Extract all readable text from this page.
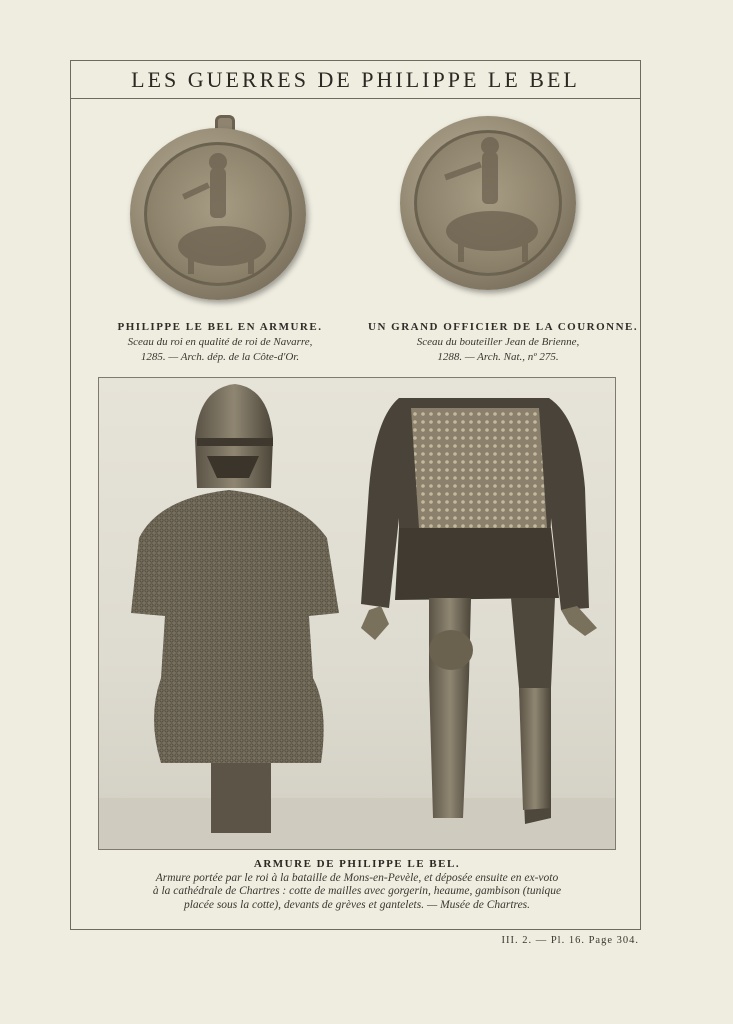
LES GUERRES DE PHILIPPE LE BEL
PHILIPPE LE BEL EN ARMURE.
Sceau du roi en qualité de roi de Navarre,
1285. — Arch. dép. de la Côte-d'Or.
UN GRAND OFFICIER DE LA COURONNE.
Sceau du bouteiller Jean de Brienne,
1288. — Arch. Nat., nº 275.
ARMURE DE PHILIPPE LE BEL.
Armure portée par le roi à la bataille de Mons-en-Pevèle, et déposée ensuite en ex-voto
à la cathédrale de Chartres : cotte de mailles avec gorgerin, heaume, gambison (tunique
placée sous la cotte), devants de grèves et gantelets. — Musée de Chartres.
III. 2. — Pl. 16. Page 304.
